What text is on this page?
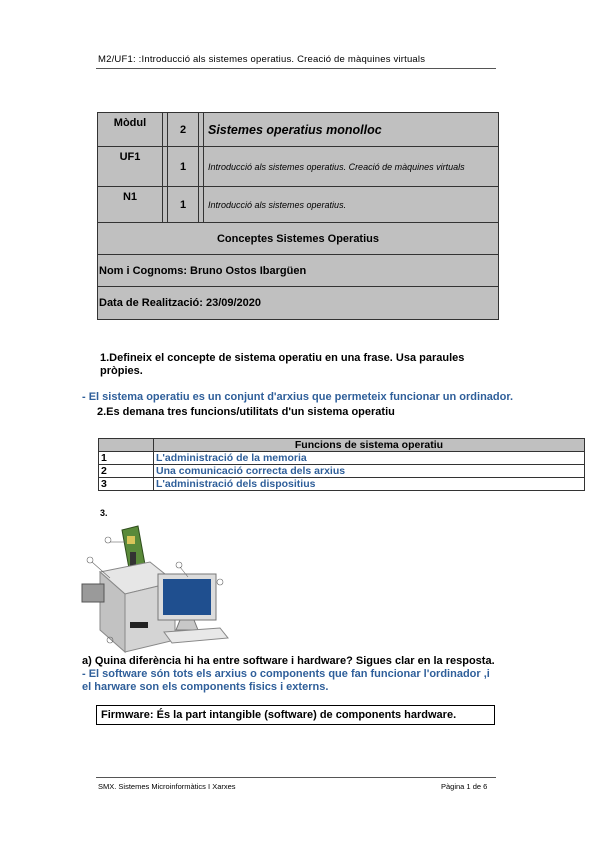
M2/UF1: :Introducció als sistemes operatius. Creació de màquines virtuals
Mòdul		2		Sistemes operatius monolloc
UF1		1		Introducció als sistemes operatius. Creació de màquines virtuals
N1		1		Introducció als sistemes operatius.
Conceptes Sistemes Operatius				
Nom i Cognoms: Bruno Ostos Ibargüen				
Data de Realització: 23/09/2020				
1.Defineix el concepte de sistema operatiu en una frase. Usa paraules pròpies.
- El sistema operatiu es un conjunt d'arxius que permeteix funcionar un ordinador.
2.Es demana tres funcions/utilitats d'un sistema operatiu
	Funcions de sistema operatiu
1	L'administració de la memoria
2	Una comunicació correcta dels arxius
3	L'administració dels dispositius
3.
a) Quina diferència hi ha entre software i hardware? Sigues clar en la resposta.
- El software són tots els arxius o components que fan funcionar l'ordinador ,i el harware son els components fisics i externs.
Firmware: És la part intangible (software) de components hardware.
SMX. Sistemes Microinformàtics I Xarxes	Pàgina 1 de 6
